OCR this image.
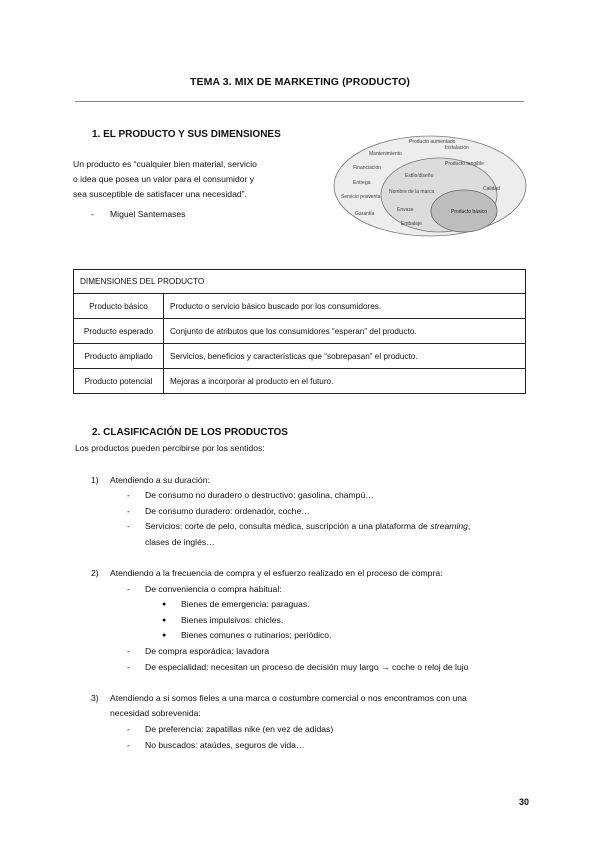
TEMA 3. MIX DE MARKETING (PRODUCTO)
1. EL PRODUCTO Y SUS DIMENSIONES
Un producto es “cualquier bien material, servicio
o idea que posea un valor para el consumidor y
sea susceptible de satisfacer una necesidad”.
- Miguel Santemases
Producto aumentado
Mantenimiento
Instalación
Financiación
Entrega
Servicio posventa
Garantía
Producto tangible
Estilo/diseño
Calidad
Nombre de la marca
Envase
Embalaje
Producto básico
DIMENSIONES DEL PRODUCTO	
Producto básico	Producto o servicio básico buscado por los consumidores.
Producto esperado	Conjunto de atributos que los consumidores “esperan” del producto.
Producto ampliado	Servicios, beneficios y características que “sobrepasan” el producto.
Producto potencial	Mejoras a incorporar al producto en el futuro.
2. CLASIFICACIÓN DE LOS PRODUCTOS
Los productos pueden percibirse por los sentidos:
1) Atendiendo a su duración:
- De consumo no duradero o destructivo: gasolina, champú…
- De consumo duradero: ordenador, coche…
- Servicios: corte de pelo, consulta médica, suscripción a una plataforma de streaming,
clases de inglés…
2) Atendiendo a la frecuencia de compra y el esfuerzo realizado en el proceso de compra:
- De conveniencia o compra habitual:
● Bienes de emergencia: paraguas.
● Bienes impulsivos: chicles.
● Bienes comunes o rutinarios: periódico.
- De compra esporádica: lavadora
- De especialidad: necesitan un proceso de decisión muy largo → coche o reloj de lujo
3) Atendiendo a si somos fieles a una marca o costumbre comercial o nos encontramos con una
necesidad sobrevenida:
- De preferencia: zapatillas nike (en vez de adidas)
- No buscados: ataúdes, seguros de vida…
30
